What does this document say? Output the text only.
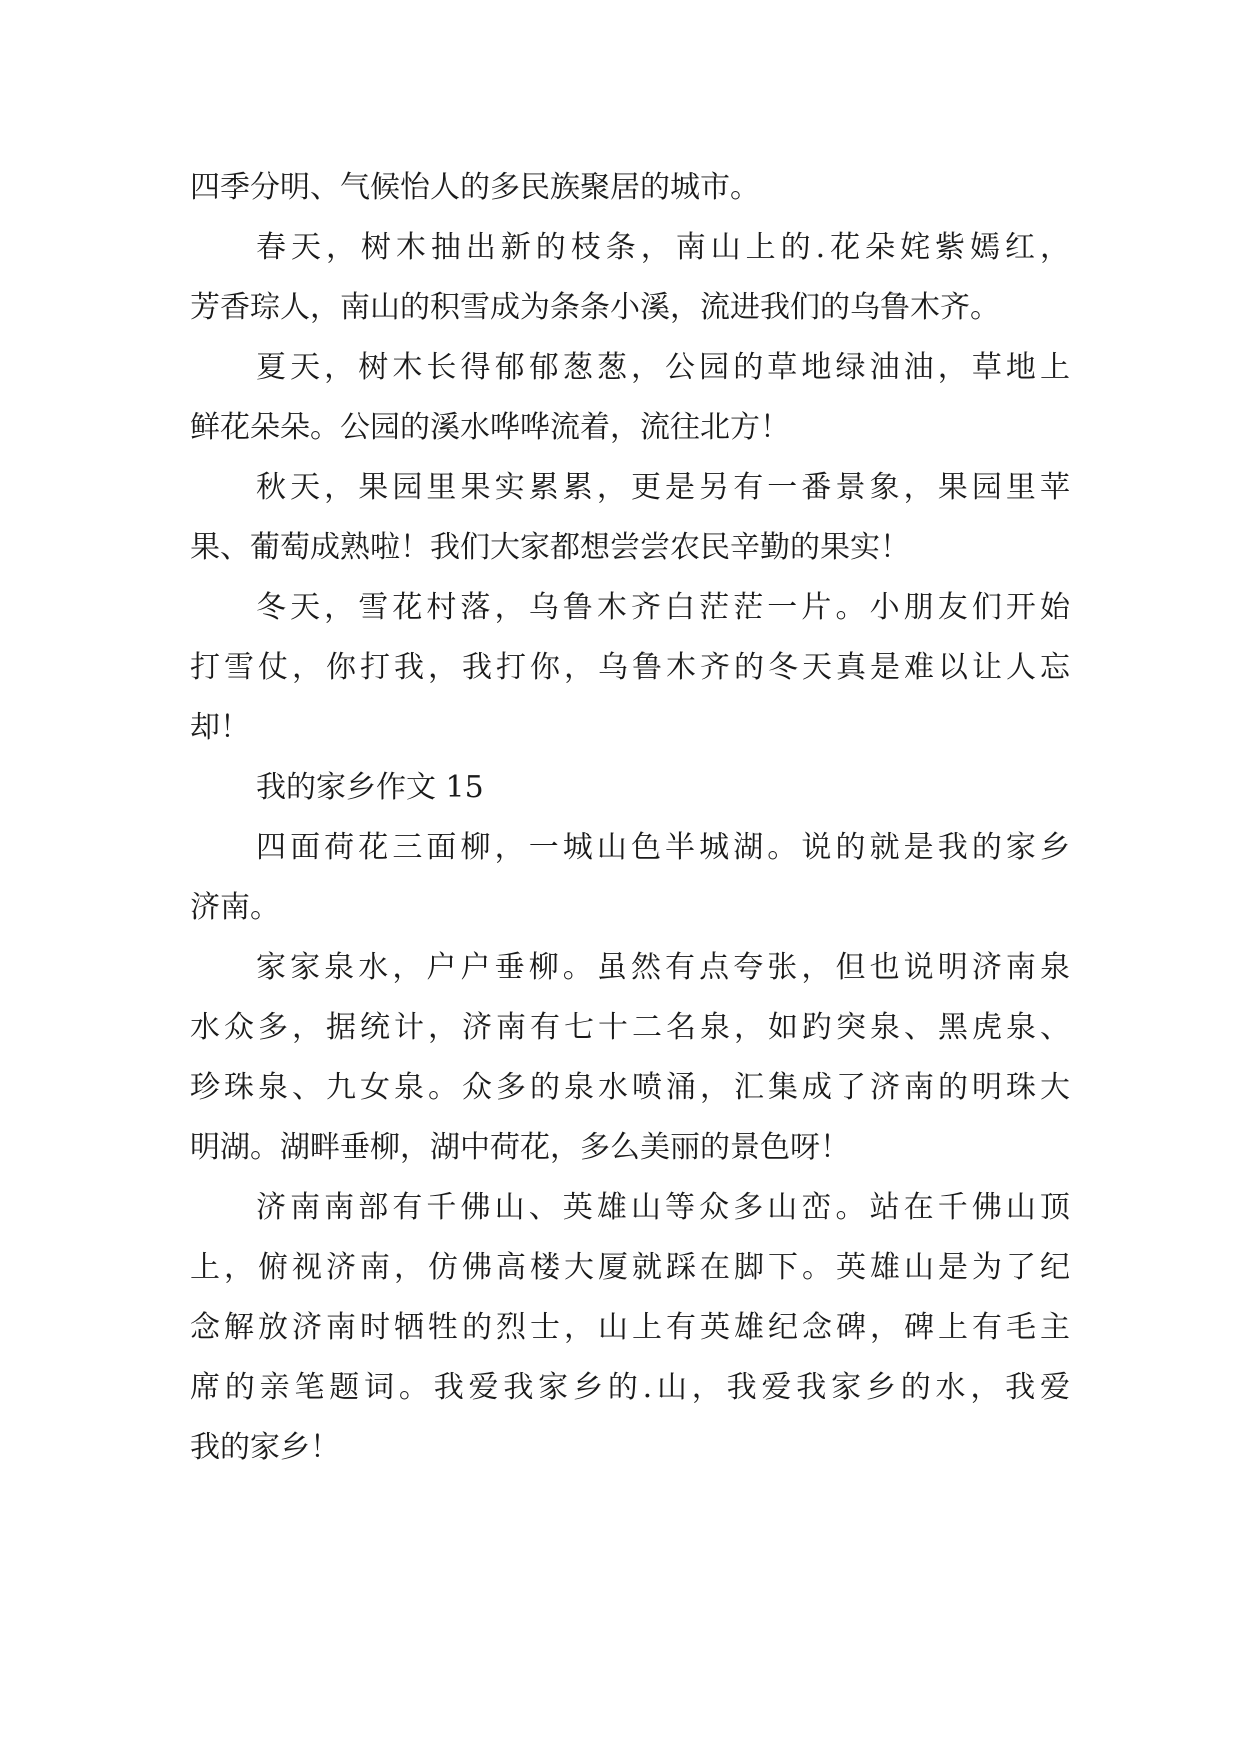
四季分明、气候怡人的多民族聚居的城市。
春天，树木抽出新的枝条，南山上的.花朵姹紫嫣红，
芳香琮人，南山的积雪成为条条小溪，流进我们的乌鲁木齐。
夏天，树木长得郁郁葱葱，公园的草地绿油油，草地上
鲜花朵朵。公园的溪水哗哗流着，流往北方！
秋天，果园里果实累累，更是另有一番景象，果园里苹
果、葡萄成熟啦！我们大家都想尝尝农民辛勤的果实！
冬天，雪花村落，乌鲁木齐白茫茫一片。小朋友们开始
打雪仗，你打我，我打你，乌鲁木齐的冬天真是难以让人忘
却！
我的家乡作文 15
四面荷花三面柳，一城山色半城湖。说的就是我的家乡
济南。
家家泉水，户户垂柳。虽然有点夸张，但也说明济南泉
水众多，据统计，济南有七十二名泉，如趵突泉、黑虎泉、
珍珠泉、九女泉。众多的泉水喷涌，汇集成了济南的明珠大
明湖。湖畔垂柳，湖中荷花，多么美丽的景色呀！
济南南部有千佛山、英雄山等众多山峦。站在千佛山顶
上，俯视济南，仿佛高楼大厦就踩在脚下。英雄山是为了纪
念解放济南时牺牲的烈士，山上有英雄纪念碑，碑上有毛主
席的亲笔题词。我爱我家乡的.山，我爱我家乡的水，我爱
我的家乡！
